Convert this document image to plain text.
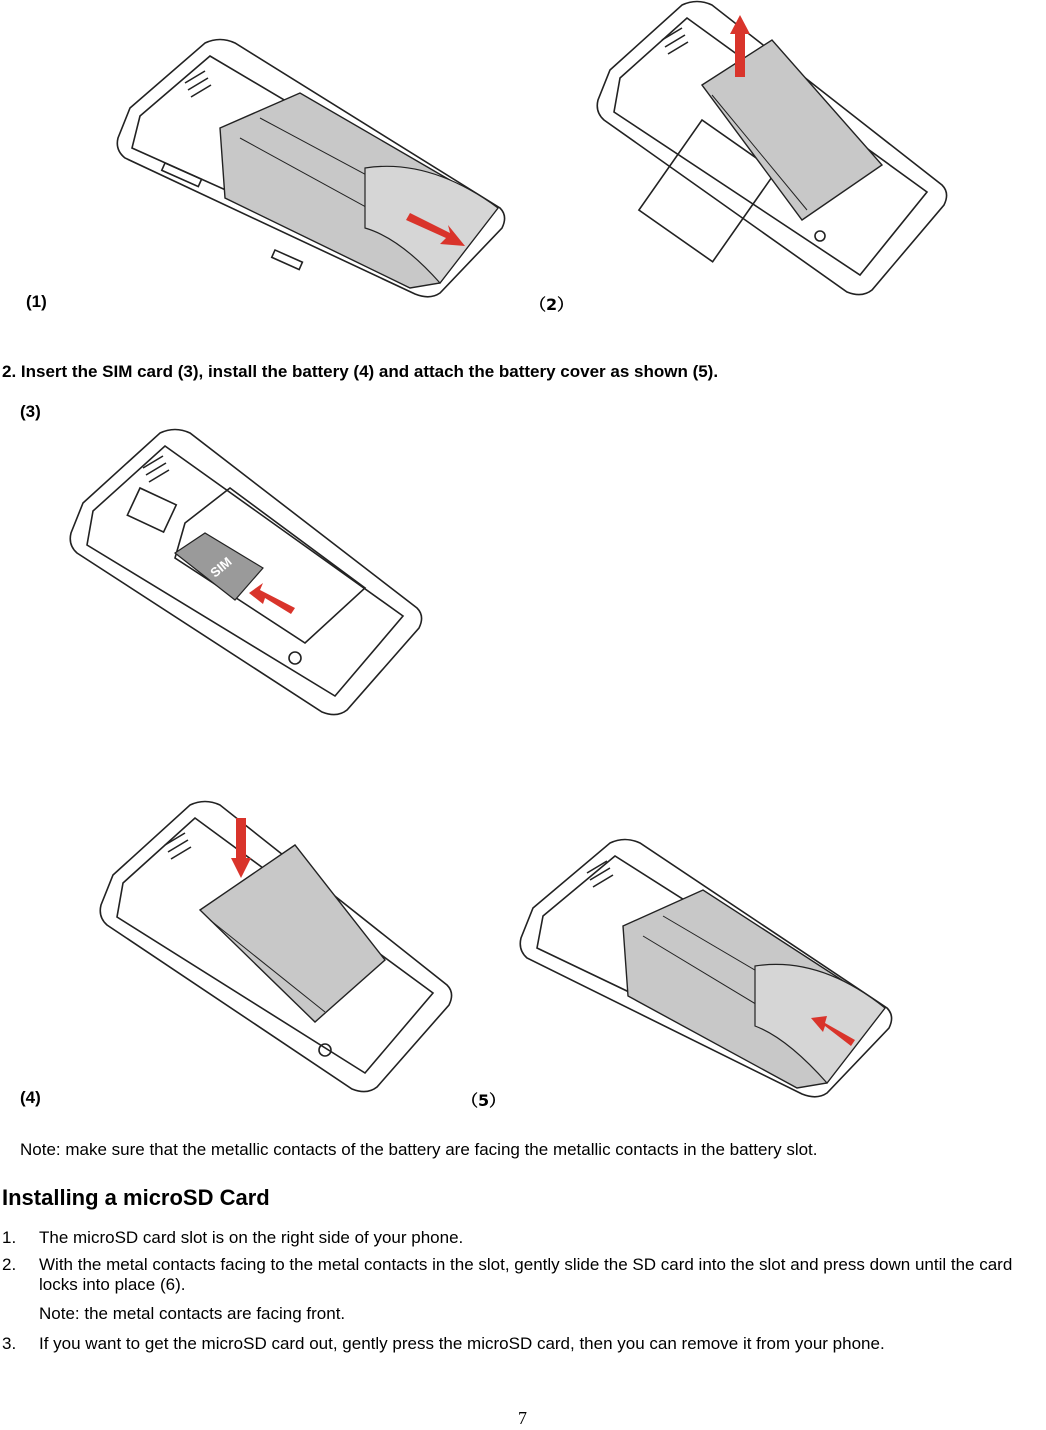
(1)	（2）
2. Insert the SIM card (3), install the battery (4) and attach the battery cover as shown (5).
(3)
SIM
(4)	（5）
Note: make sure that the metallic contacts of the battery are facing the metallic contacts in the battery slot.
Installing a microSD Card
1. The microSD card slot is on the right side of your phone.
2. With the metal contacts facing to the metal contacts in the slot, gently slide the SD card into the slot and press down until the card locks into place (6).
Note: the metal contacts are facing front.
3. If you want to get the microSD card out, gently press the microSD card, then you can remove it from your phone.
7
